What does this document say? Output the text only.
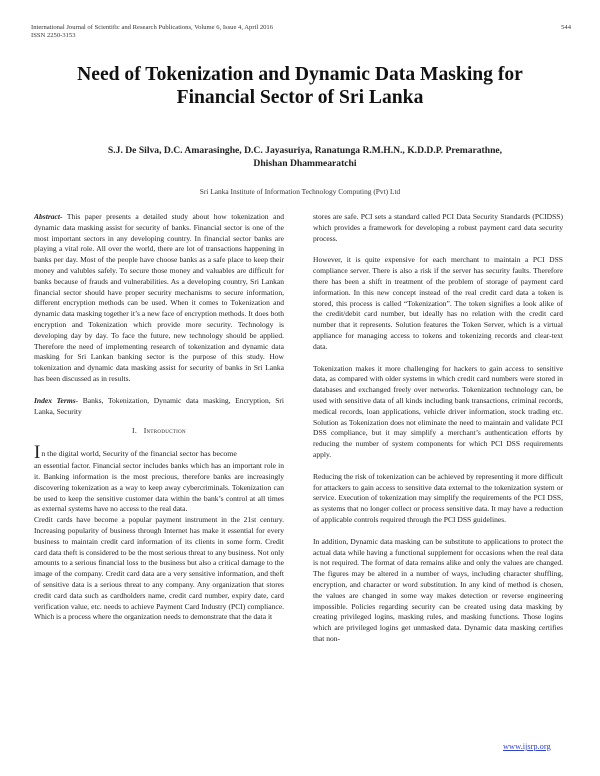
International Journal of Scientific and Research Publications, Volume 6, Issue 4, April 2016
ISSN 2250-3153
544
Need of Tokenization and Dynamic Data Masking for
Financial Sector of Sri Lanka
S.J. De Silva, D.C. Amarasinghe, D.C. Jayasuriya, Ranatunga R.M.H.N., K.D.D.P. Premarathne,
Dhishan Dhammearatchi
Sri Lanka Institute of Information Technology Computing (Pvt) Ltd

Abstract- This paper presents a detailed study about how tokenization and dynamic data masking assist for security of banks. Financial sector is one of the most important sectors in any developing country. In financial sector banks are playing a vital role. All over the world, there are lot of transactions happening in banks per day. Most of the people have choose banks as a safe place to keep their money and valubles safely. To secure those money and valuables are difficult for banks because of frauds and vulnerabilities. As a developing country, Sri Lankan financial sector should have proper security mechanisms to secure information, different encryption methods can be used. When it comes to Tokenization and dynamic data masking together it’s a new face of encryption methods. It does both encryption and Tokenization which provide more security. Technology is developing day by day. To face the future, new technology should be applied. Therefore the need of implementing research of tokenization and dynamic data masking for Sri Lankan banking sector is the purpose of this study. How tokenization and dynamic data masking assist for security of banks in Sri Lanka has been discussed as in results.

Index Terms- Banks, Tokenization, Dynamic data masking, Encryption, Sri Lanka, Security

I. Introduction

In the digital world, Security of the financial sector has become

an essential factor. Financial sector includes banks which has an important role in it. Banking information is the most precious, therefore banks are increasingly discovering tokenization as a way to keep away cybercriminals. Tokenization can be used to keep the sensitive customer data within the bank’s control at all times as external systems have no access to the real data.

Credit cards have become a popular payment instrument in the 21st century. Increasing popularity of business through Internet has make it essential for every business to maintain credit card information of its clients in some form. Credit card data theft is considered to be the most serious threat to any business. Not only amounts to a serious financial loss to the business but also a critical damage to the image of the company. Credit card data are a very sensitive information, and theft of sensitive data is a serious threat to any company. Any organization that stores credit card data such as cardholders name, credit card number, expiry date, card verification value, etc. needs to achieve Payment Card Industry (PCI) compliance. Which is a process where the organization needs to demonstrate that the data it

stores are safe. PCI sets a standard called PCI Data Security Standards (PCIDSS) which provides a framework for developing a robust payment card data security process.

However, it is quite expensive for each merchant to maintain a PCI DSS compliance server. There is also a risk if the server has security faults. Therefore there has been a shift in treatment of the problem of storage of payment card information. In this new concept instead of the real credit card data a token is stored, this process is called “Tokenization”. The token signifies a look alike of the credit/debit card number, but ideally has no relation with the credit card number that it represents. Solution features the Token Server, which is a virtual appliance for managing access to tokens and tokenizing records and clear-text data.

Tokenization makes it more challenging for hackers to gain access to sensitive data, as compared with older systems in which credit card numbers were stored in databases and exchanged freely over networks. Tokenization technology can, be used with sensitive data of all kinds including bank transactions, criminal records, medical records, loan applications, vehicle driver information, stock trading etc. Solution as Tokenization does not eliminate the need to maintain and validate PCI DSS compliance, but it may simplify a merchant’s authentication efforts by reducing the number of system components for which PCI DSS requirements apply.

Reducing the risk of tokenization can be achieved by representing it more difficult for attackers to gain access to sensitive data external to the tokenization system or service. Execution of tokenization may simplify the requirements of the PCI DSS, as systems that no longer collect or process sensitive data. It may have a reduction of applicable controls required through the PCI DSS guidelines.

In addition, Dynamic data masking can be substitute to applications to protect the actual data while having a functional supplement for occasions when the real data is not required. The format of data remains alike and only the values are changed. The figures may be altered in a number of ways, including character shuffling, encryption, and character or word substitution. In any kind of method is chosen, the values are changed in some way makes detection or reverse engineering impossible. Policies regarding security can be created using data masking by creating privileged logins, masking rules, and masking functions. Those logins which are privileged logins get unmasked data. Dynamic data masking certifies that non-

www.ijsrp.org
